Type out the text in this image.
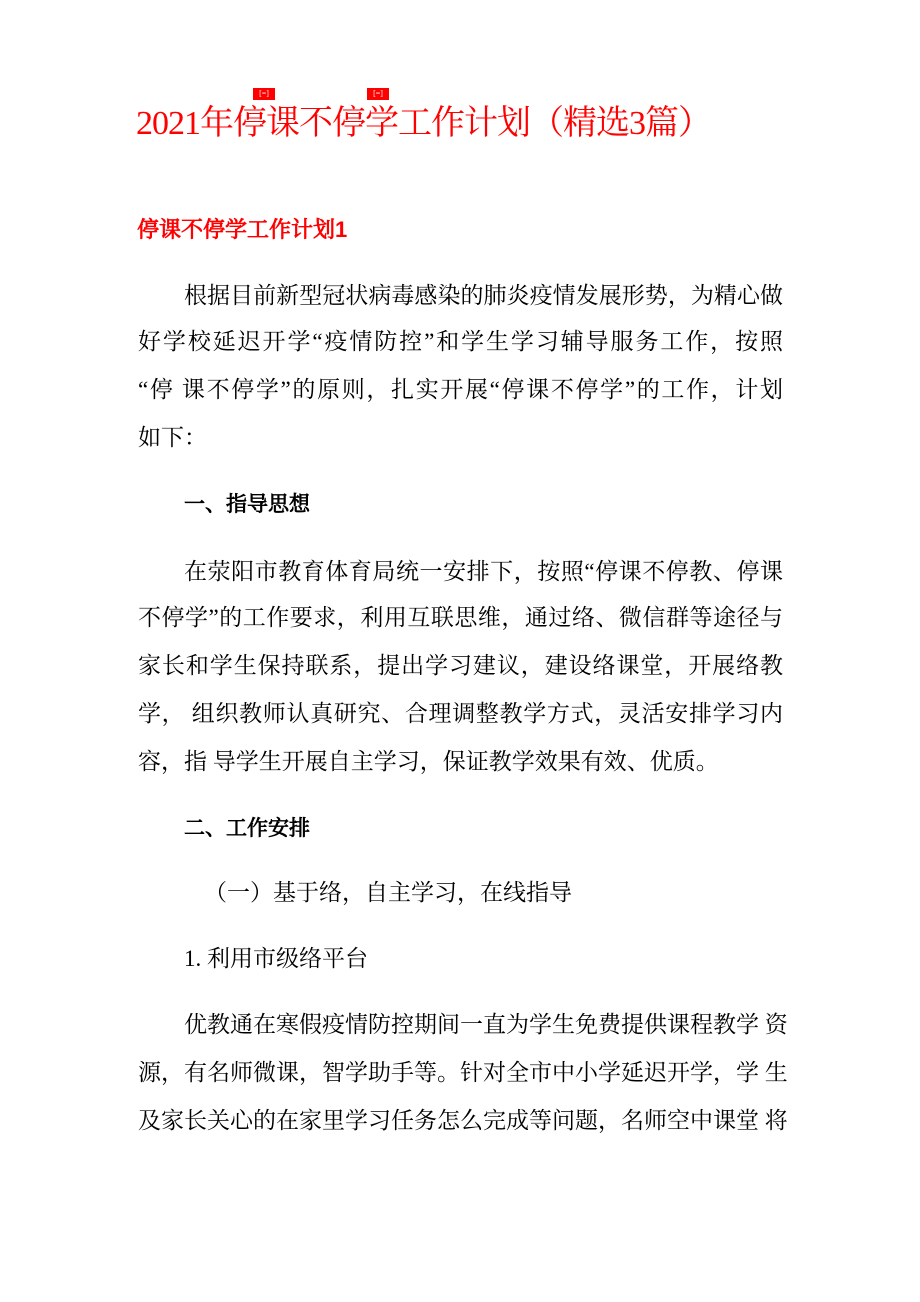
[=]	[=]
2021年停课不停学工作计划（精选3篇）
停课不停学工作计划1
根据目前新型冠状病毒感染的肺炎疫情发展形势，为精心做
好学校延迟开学“疫情防控”和学生学习辅导服务工作，按照
“停 课不停学”的原则，扎实开展“停课不停学”的工作，计划
如下：
一、指导思想
在荥阳市教育体育局统一安排下，按照“停课不停教、停课
不停学”的工作要求，利用互联思维，通过络、微信群等途径与
家长和学生保持联系，提出学习建议，建设络课堂，开展络教
学， 组织教师认真研究、合理调整教学方式，灵活安排学习内
容，指 导学生开展自主学习，保证教学效果有效、优质。
二、工作安排
（一）基于络，自主学习，在线指导
1. 利用市级络平台
优教通在寒假疫情防控期间一直为学生免费提供课程教学 资
源，有名师微课，智学助手等。针对全市中小学延迟开学，学 生
及家长关心的在家里学习任务怎么完成等问题，名师空中课堂 将
